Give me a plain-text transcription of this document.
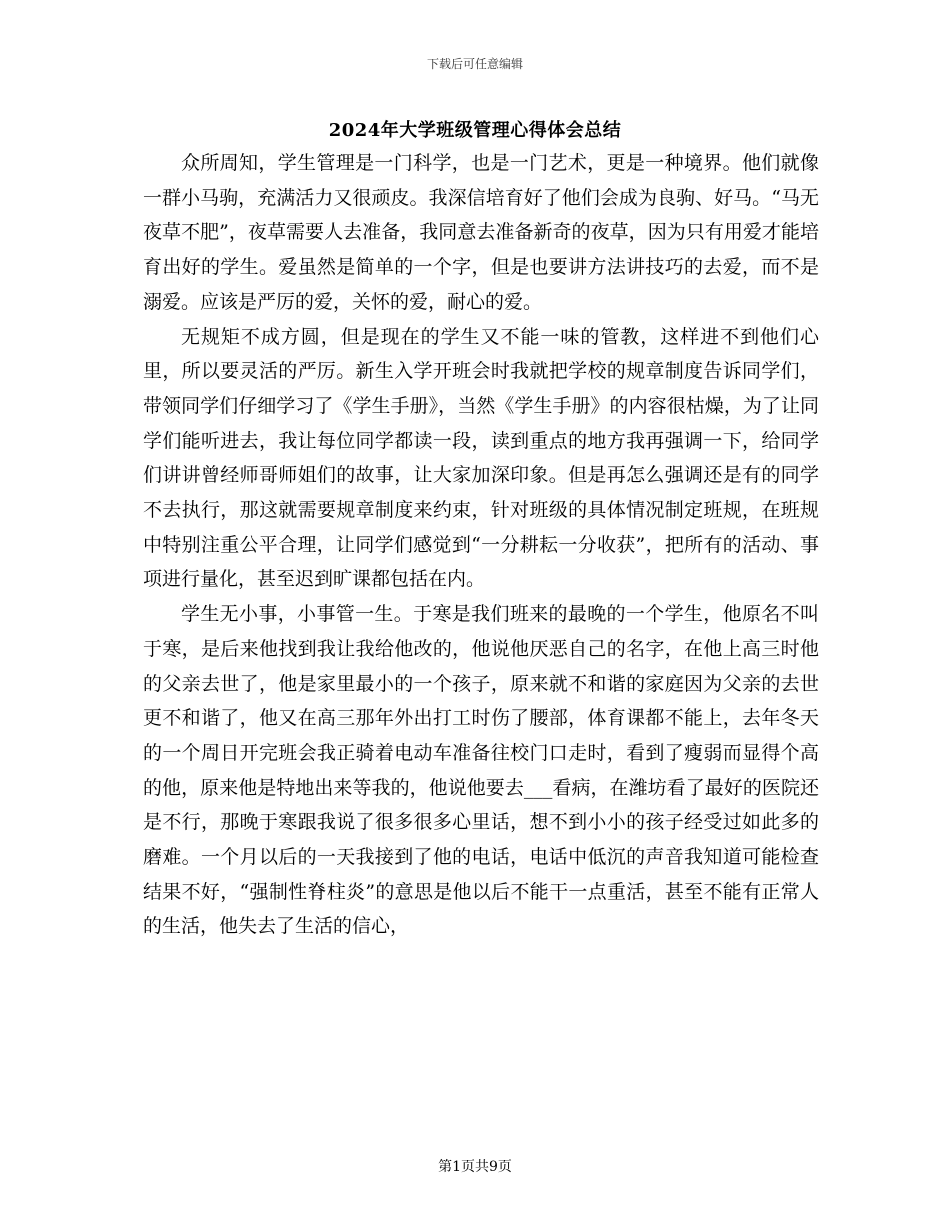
下载后可任意编辑
2024年大学班级管理心得体会总结

众所周知，学生管理是一门科学，也是一门艺术，更是一种境界。他们就像一群小马驹，充满活力又很顽皮。我深信培育好了他们会成为良驹、好马。“马无夜草不肥”，夜草需要人去准备，我同意去准备新奇的夜草，因为只有用爱才能培育出好的学生。爱虽然是简单的一个字，但是也要讲方法讲技巧的去爱，而不是溺爱。应该是严厉的爱，关怀的爱，耐心的爱。

无规矩不成方圆，但是现在的学生又不能一味的管教，这样进不到他们心里，所以要灵活的严厉。新生入学开班会时我就把学校的规章制度告诉同学们，带领同学们仔细学习了《学生手册》，当然《学生手册》的内容很枯燥，为了让同学们能听进去，我让每位同学都读一段，读到重点的地方我再强调一下，给同学们讲讲曾经师哥师姐们的故事，让大家加深印象。但是再怎么强调还是有的同学不去执行，那这就需要规章制度来约束，针对班级的具体情况制定班规，在班规中特别注重公平合理，让同学们感觉到“一分耕耘一分收获”，把所有的活动、事项进行量化，甚至迟到旷课都包括在内。

学生无小事，小事管一生。于寒是我们班来的最晚的一个学生，他原名不叫于寒，是后来他找到我让我给他改的，他说他厌恶自己的名字，在他上高三时他的父亲去世了，他是家里最小的一个孩子，原来就不和谐的家庭因为父亲的去世更不和谐了，他又在高三那年外出打工时伤了腰部，体育课都不能上，去年冬天的一个周日开完班会我正骑着电动车准备往校门口走时，看到了瘦弱而显得个高的他，原来他是特地出来等我的，他说他要去___看病，在潍坊看了最好的医院还是不行，那晚于寒跟我说了很多很多心里话，想不到小小的孩子经受过如此多的磨难。一个月以后的一天我接到了他的电话，电话中低沉的声音我知道可能检查结果不好，“强制性脊柱炎”的意思是他以后不能干一点重活，甚至不能有正常人的生活，他失去了生活的信心，

第1页共9页
